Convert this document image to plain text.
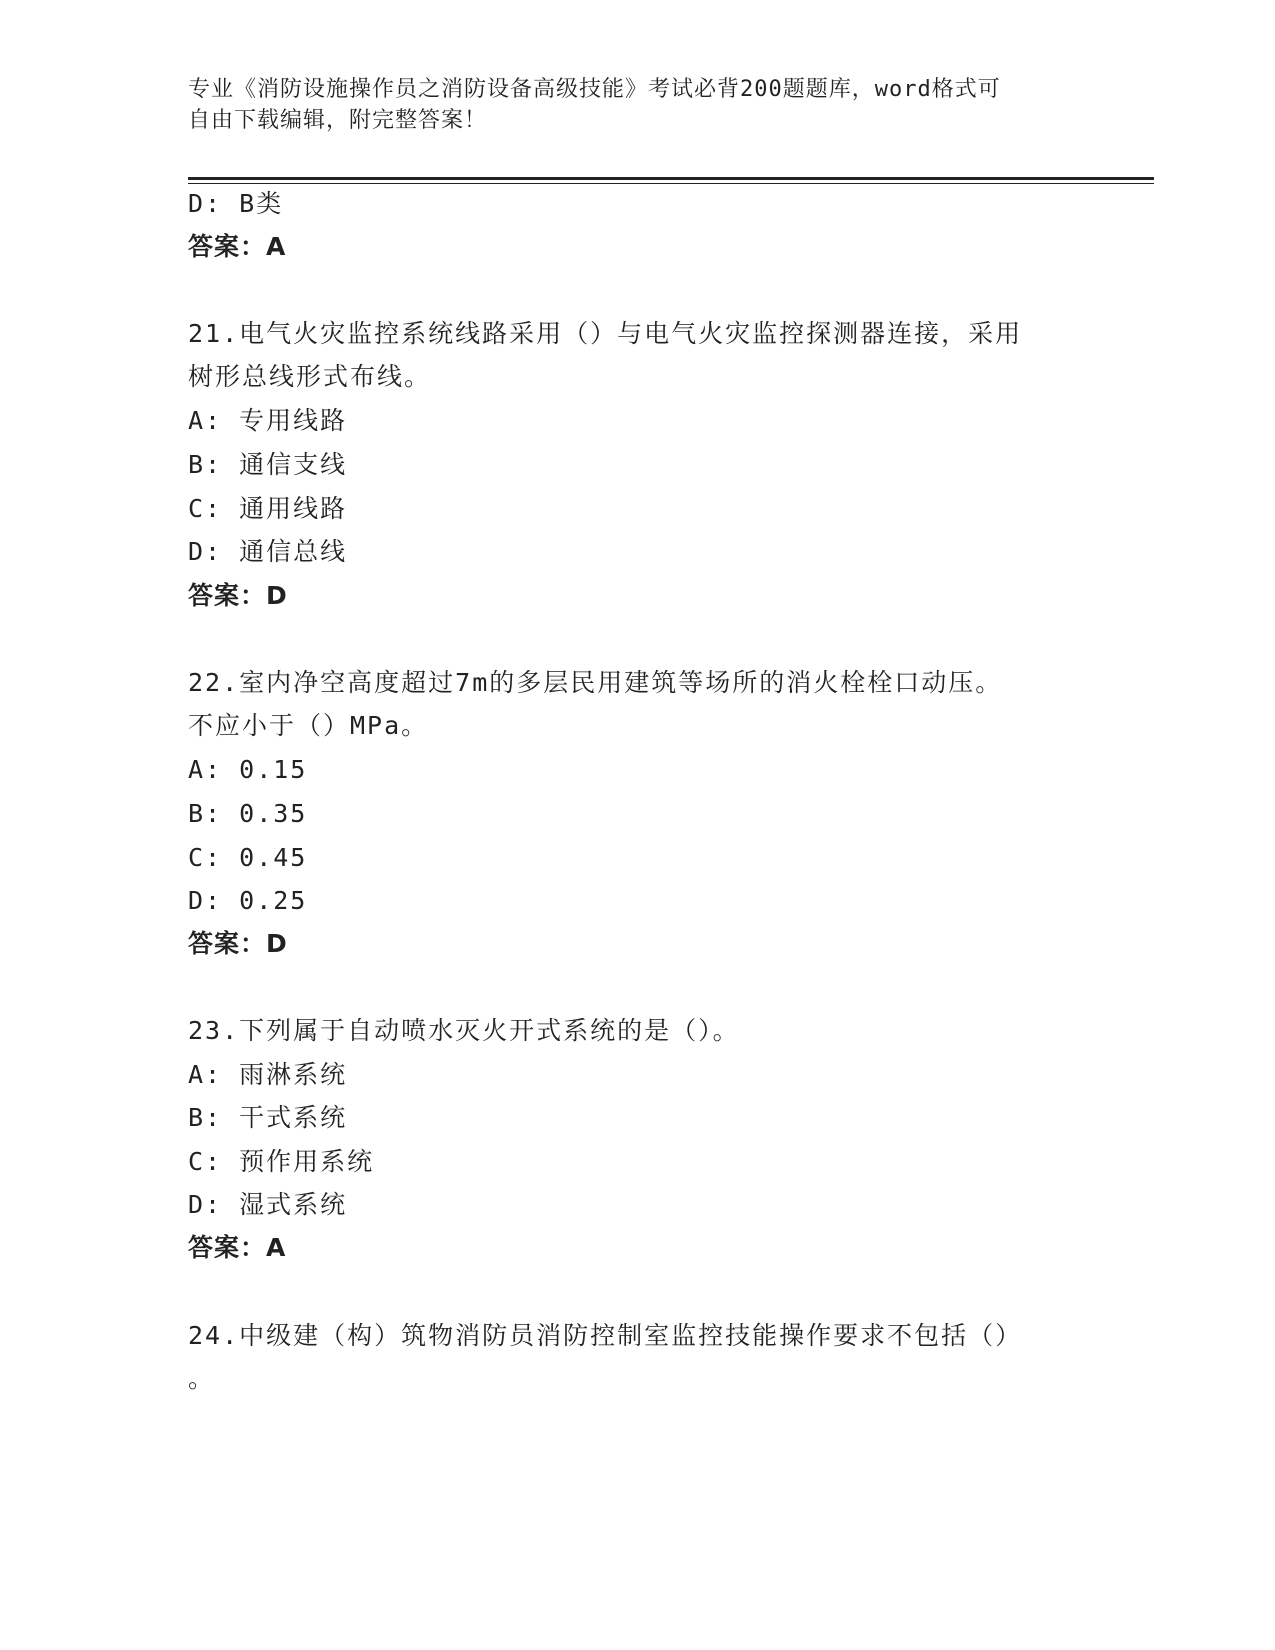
专业《消防设施操作员之消防设备高级技能》考试必背200题题库，word格式可
自由下载编辑，附完整答案！
D: B类
答案：A
21.电气火灾监控系统线路采用（）与电气火灾监控探测器连接，采用
树形总线形式布线。
A: 专用线路
B: 通信支线
C: 通用线路
D: 通信总线
答案：D
22.室内净空高度超过7m的多层民用建筑等场所的消火栓栓口动压。
不应小于（）MPa。
A: 0.15
B: 0.35
C: 0.45
D: 0.25
答案：D
23.下列属于自动喷水灭火开式系统的是（）。
A: 雨淋系统
B: 干式系统
C: 预作用系统
D: 湿式系统
答案：A
24.中级建（构）筑物消防员消防控制室监控技能操作要求不包括（）
。
